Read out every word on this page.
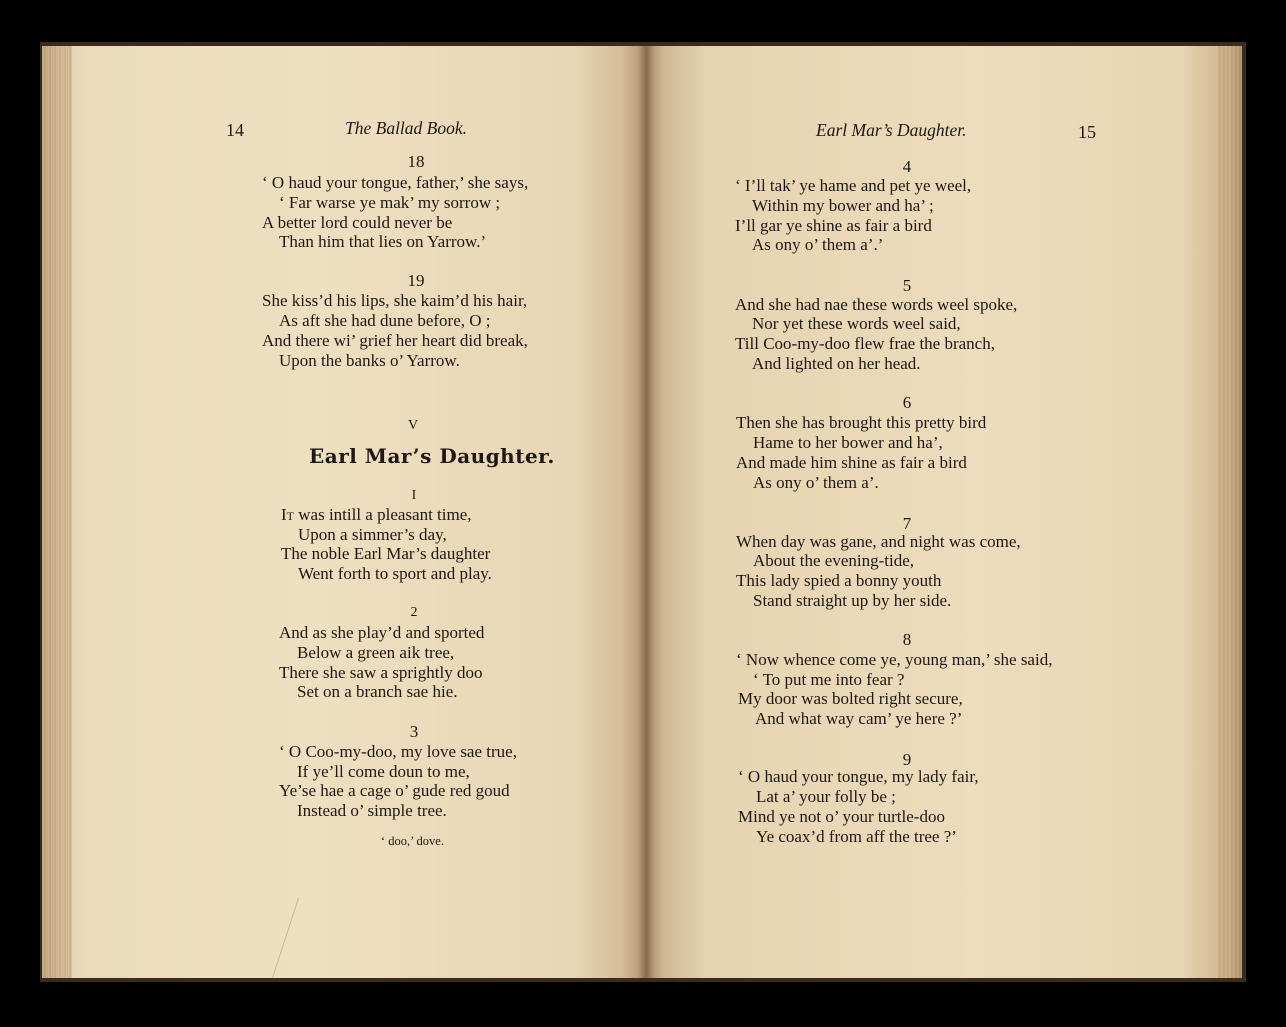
14	The Ballad Book.
18
‘ O haud your tongue, father,’ she says,
‘ Far warse ye mak’ my sorrow ;
A better lord could never be
Than him that lies on Yarrow.’
19
She kiss’d his lips, she kaim’d his hair,
As aft she had dune before, O ;
And there wi’ grief her heart did break,
Upon the banks o’ Yarrow.
V
Earl Mar’s Daughter.
I
It was intill a pleasant time,
Upon a simmer’s day,
The noble Earl Mar’s daughter
Went forth to sport and play.
2
And as she play’d and sported
Below a green aik tree,
There she saw a sprightly doo
Set on a branch sae hie.
3
‘ O Coo-my-doo, my love sae true,
If ye’ll come doun to me,
Ye’se hae a cage o’ gude red goud
Instead o’ simple tree.
‘ doo,’ dove.
Earl Mar’s Daughter.	15
4
‘ I’ll tak’ ye hame and pet ye weel,
Within my bower and ha’ ;
I’ll gar ye shine as fair a bird
As ony o’ them a’.’
5
And she had nae these words weel spoke,
Nor yet these words weel said,
Till Coo-my-doo flew frae the branch,
And lighted on her head.
6
Then she has brought this pretty bird
Hame to her bower and ha’,
And made him shine as fair a bird
As ony o’ them a’.
7
When day was gane, and night was come,
About the evening-tide,
This lady spied a bonny youth
Stand straight up by her side.
8
‘ Now whence come ye, young man,’ she said,
‘ To put me into fear ?
My door was bolted right secure,
And what way cam’ ye here ?’
9
‘ O haud your tongue, my lady fair,
Lat a’ your folly be ;
Mind ye not o’ your turtle-doo
Ye coax’d from aff the tree ?’
